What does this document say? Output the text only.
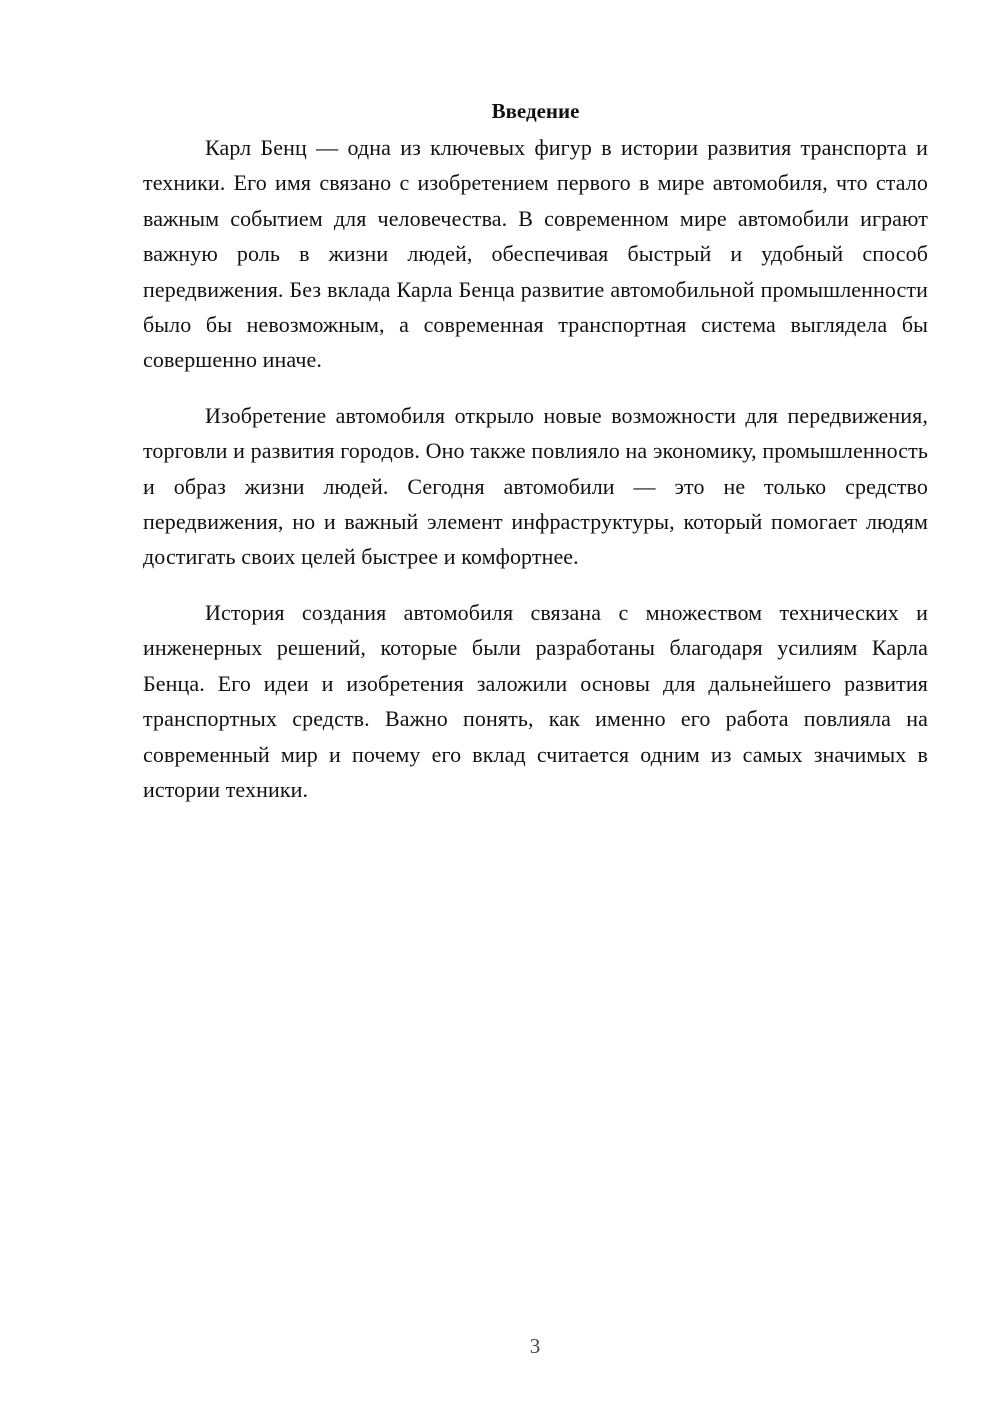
Введение

Карл Бенц — одна из ключевых фигур в истории развития транспорта и техники. Его имя связано с изобретением первого в мире автомобиля, что стало важным событием для человечества. В современном мире автомобили играют важную роль в жизни людей, обеспечивая быстрый и удобный способ передвижения. Без вклада Карла Бенца развитие автомобильной промышленности было бы невозможным, а современная транспортная система выглядела бы совершенно иначе.

Изобретение автомобиля открыло новые возможности для передвижения, торговли и развития городов. Оно также повлияло на экономику, промышленность и образ жизни людей. Сегодня автомобили — это не только средство передвижения, но и важный элемент инфраструктуры, который помогает людям достигать своих целей быстрее и комфортнее.

История создания автомобиля связана с множеством технических и инженерных решений, которые были разработаны благодаря усилиям Карла Бенца. Его идеи и изобретения заложили основы для дальнейшего развития транспортных средств. Важно понять, как именно его работа повлияла на современный мир и почему его вклад считается одним из самых значимых в истории техники.

3
